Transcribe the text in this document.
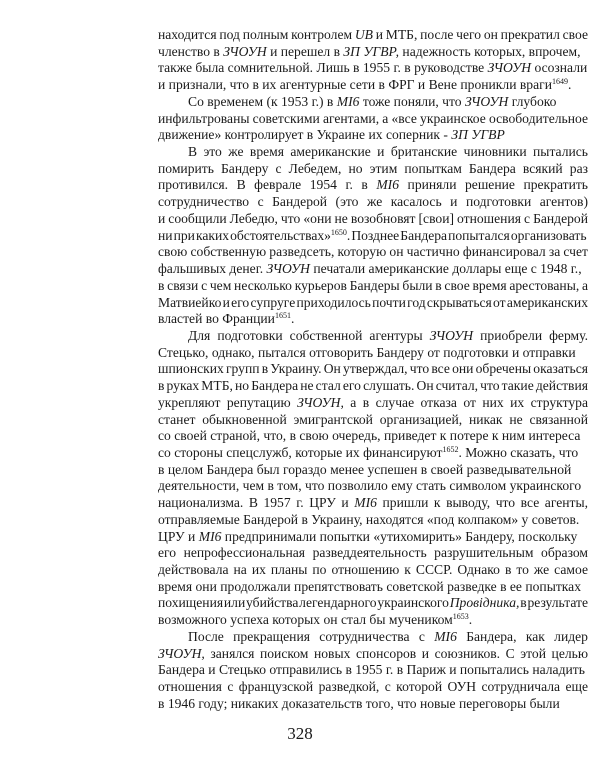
находится под полным контролем UB и МТБ, после чего он прекратил свое
членство в ЗЧОУН и перешел в ЗП УГВР, надежность которых, впрочем,
также была сомнительной. Лишь в 1955 г. в руководстве ЗЧОУН осознали
и признали, что в их агентурные сети в ФРГ и Вене проникли враги$^{1649}$.
Со временем (к 1953 г.) в MI6 тоже поняли, что ЗЧОУН глубоко
инфильтрованы советскими агентами, а «все украинское освободительное
движение» контролирует в Украине их соперник - ЗП УГВР
В это же время американские и британские чиновники пытались
помирить Бандеру с Лебедем, но этим попыткам Бандера всякий раз
противился. В феврале 1954 г. в MI6 приняли решение прекратить
сотрудничество с Бандерой (это же касалось и подготовки агентов)
и сообщили Лебедю, что «они не возобновят [свои] отношения с Бандерой
ни при каких обстоятельствах»$^{1650}$. Позднее Бандера попытался организовать
свою собственную разведсеть, которую он частично финансировал за счет
фальшивых денег. ЗЧОУН печатали американские доллары еще с 1948 г.,
в связи с чем несколько курьеров Бандеры были в свое время арестованы, а
Матвиейко и его супруге приходилось почти год скрываться от американских
властей во Франции$^{1651}$.
Для подготовки собственной агентуры ЗЧОУН приобрели ферму.
Стецько, однако, пытался отговорить Бандеру от подготовки и отправки
шпионских групп в Украину. Он утверждал, что все они обречены оказаться
в руках МТБ, но Бандера не стал его слушать. Он считал, что такие действия
укрепляют репутацию ЗЧОУН, а в случае отказа от них их структура
станет обыкновенной эмигрантской организацией, никак не связанной
со своей страной, что, в свою очередь, приведет к потере к ним интереса
со стороны спецслужб, которые их финансируют$^{1652}$. Можно сказать, что
в целом Бандера был гораздо менее успешен в своей разведывательной
деятельности, чем в том, что позволило ему стать символом украинского
национализма. В 1957 г. ЦРУ и MI6 пришли к выводу, что все агенты,
отправляемые Бандерой в Украину, находятся «под колпаком» у советов.
ЦРУ и MI6 предпринимали попытки «утихомирить» Бандеру, поскольку
его непрофессиональная разведдеятельность разрушительным образом
действовала на их планы по отношению к СССР. Однако в то же самое
время они продолжали препятствовать советской разведке в ее попытках
похищения или убийства легендарного украинского Провідника, в результате
возможного успеха которых он стал бы мучеником$^{1653}$.
После прекращения сотрудничества с MI6 Бандера, как лидер
ЗЧОУН, занялся поиском новых спонсоров и союзников. С этой целью
Бандера и Стецько отправились в 1955 г. в Париж и попытались наладить
отношения с французской разведкой, с которой ОУН сотрудничала еще
в 1946 году; никаких доказательств того, что новые переговоры были
328
